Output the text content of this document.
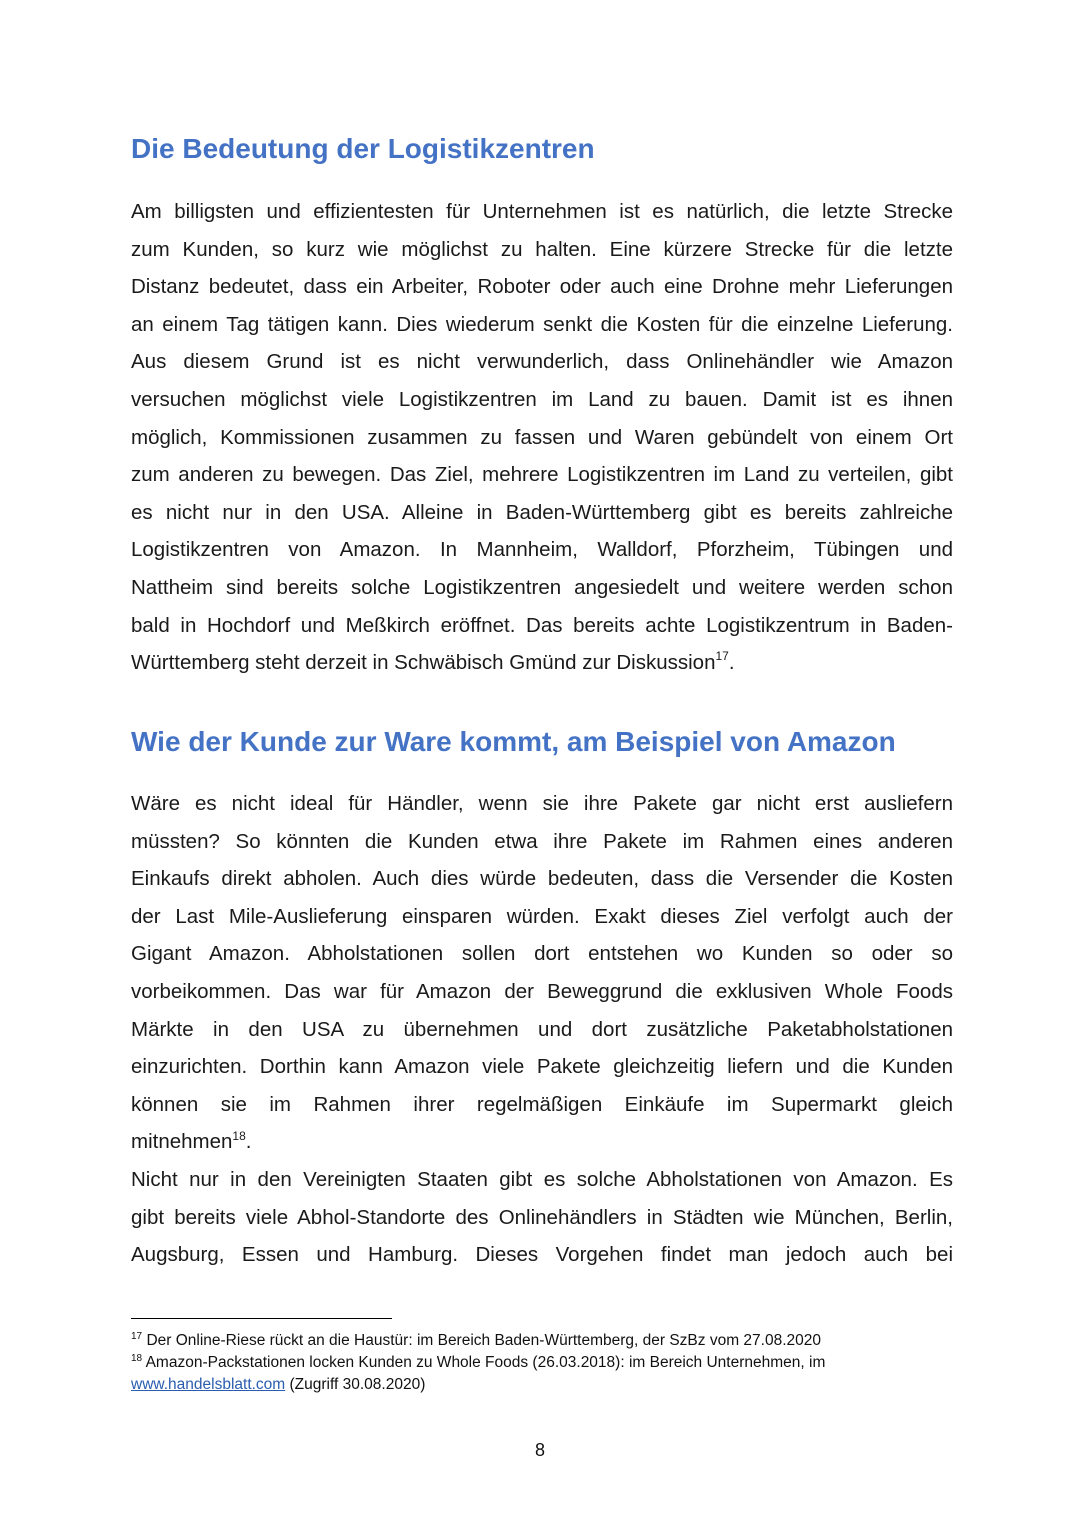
Die Bedeutung der Logistikzentren

Am billigsten und effizientesten für Unternehmen ist es natürlich, die letzte Strecke
zum Kunden, so kurz wie möglichst zu halten. Eine kürzere Strecke für die letzte
Distanz bedeutet, dass ein Arbeiter, Roboter oder auch eine Drohne mehr Lieferungen
an einem Tag tätigen kann. Dies wiederum senkt die Kosten für die einzelne Lieferung.
Aus diesem Grund ist es nicht verwunderlich, dass Onlinehändler wie Amazon
versuchen möglichst viele Logistikzentren im Land zu bauen. Damit ist es ihnen
möglich, Kommissionen zusammen zu fassen und Waren gebündelt von einem Ort
zum anderen zu bewegen. Das Ziel, mehrere Logistikzentren im Land zu verteilen, gibt
es nicht nur in den USA. Alleine in Baden-Württemberg gibt es bereits zahlreiche
Logistikzentren von Amazon. In Mannheim, Walldorf, Pforzheim, Tübingen und
Nattheim sind bereits solche Logistikzentren angesiedelt und weitere werden schon
bald in Hochdorf und Meßkirch eröffnet. Das bereits achte Logistikzentrum in Baden-
Württemberg steht derzeit in Schwäbisch Gmünd zur Diskussion$^{17}$.

Wie der Kunde zur Ware kommt, am Beispiel von Amazon

Wäre es nicht ideal für Händler, wenn sie ihre Pakete gar nicht erst ausliefern
müssten? So könnten die Kunden etwa ihre Pakete im Rahmen eines anderen
Einkaufs direkt abholen. Auch dies würde bedeuten, dass die Versender die Kosten
der Last Mile-Auslieferung einsparen würden. Exakt dieses Ziel verfolgt auch der
Gigant Amazon. Abholstationen sollen dort entstehen wo Kunden so oder so
vorbeikommen. Das war für Amazon der Beweggrund die exklusiven Whole Foods
Märkte in den USA zu übernehmen und dort zusätzliche Paketabholstationen
einzurichten. Dorthin kann Amazon viele Pakete gleichzeitig liefern und die Kunden
können sie im Rahmen ihrer regelmäßigen Einkäufe im Supermarkt gleich
mitnehmen$^{18}$.

Nicht nur in den Vereinigten Staaten gibt es solche Abholstationen von Amazon. Es
gibt bereits viele Abhol-Standorte des Onlinehändlers in Städten wie München, Berlin,
Augsburg, Essen und Hamburg. Dieses Vorgehen findet man jedoch auch bei

$^{17}$ Der Online-Riese rückt an die Haustür: im Bereich Baden-Württemberg, der SzBz vom 27.08.2020
$^{18}$ Amazon-Packstationen locken Kunden zu Whole Foods (26.03.2018): im Bereich Unternehmen, im
www.handelsblatt.com (Zugriff 30.08.2020)
8
